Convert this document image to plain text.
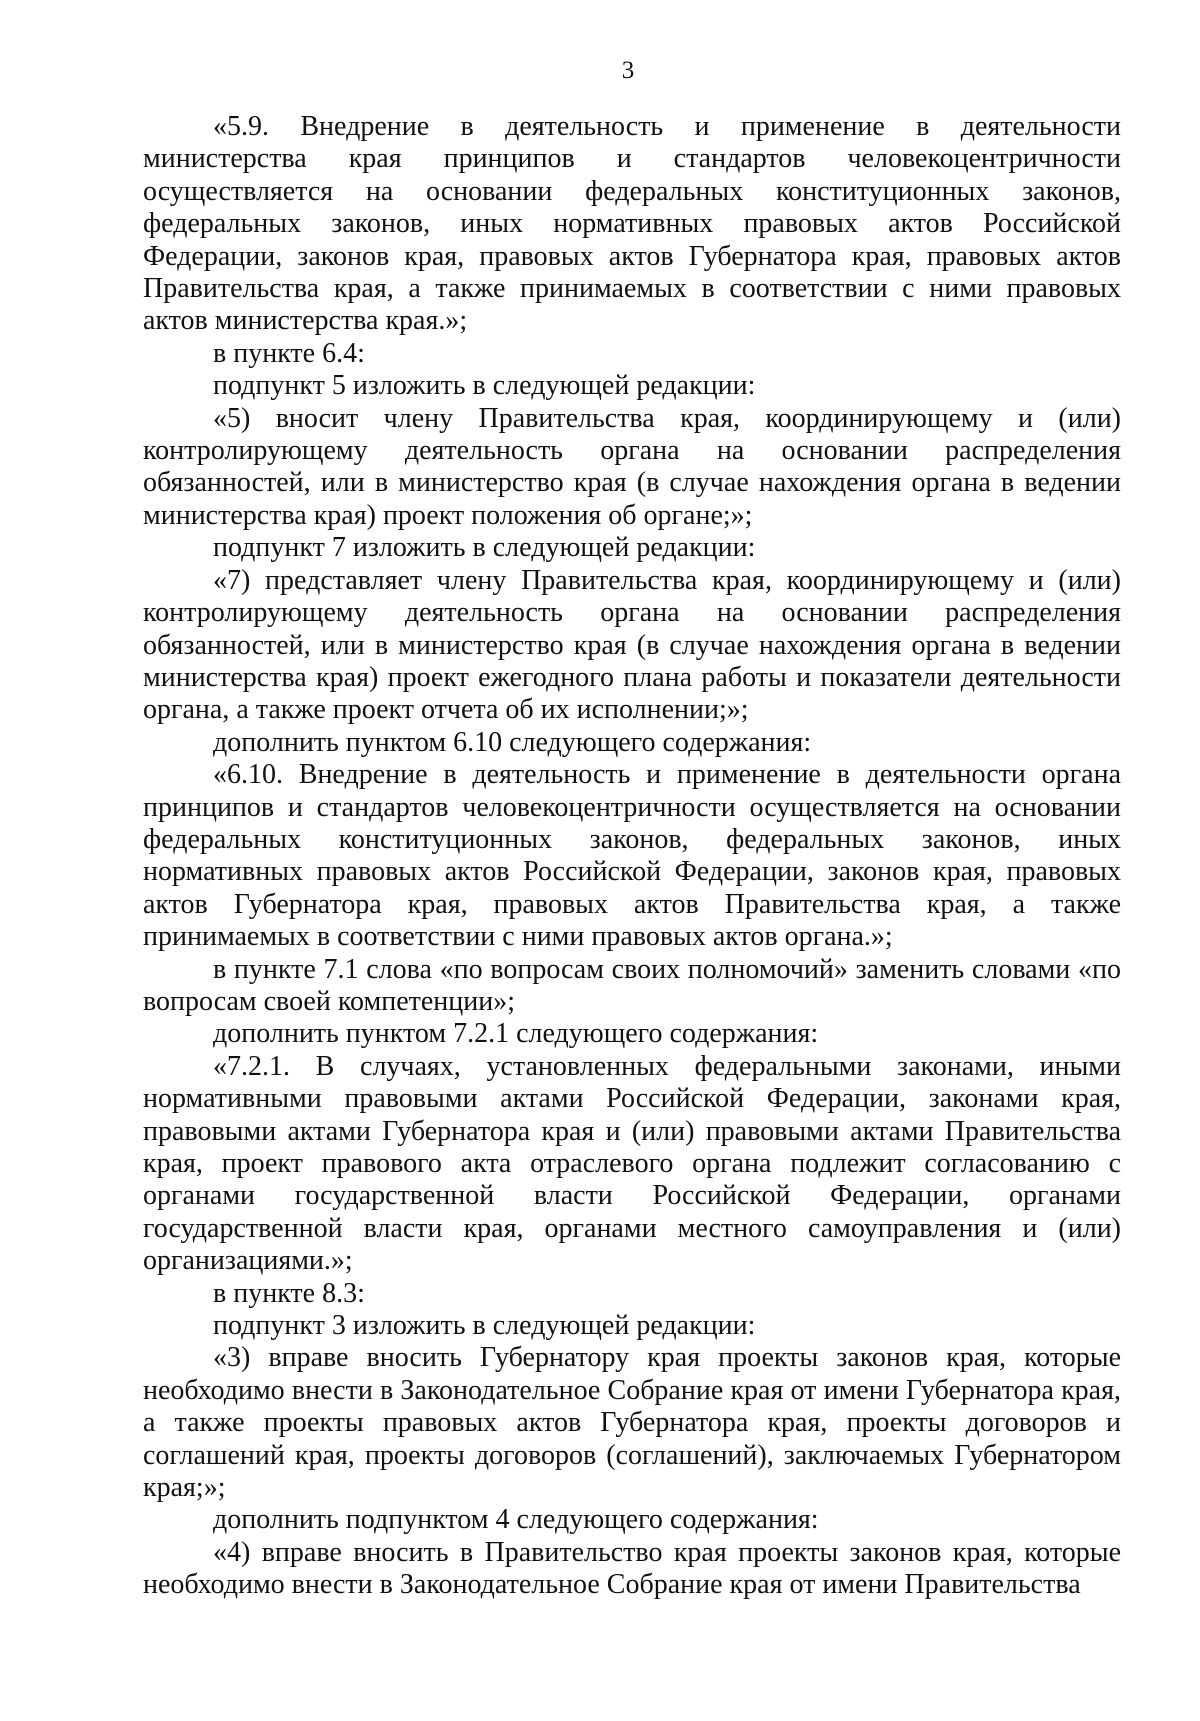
3

«5.9. Внедрение в деятельность и применение в деятельности министерства края принципов и стандартов человекоцентричности осуществляется на основании федеральных конституционных законов, федеральных законов, иных нормативных правовых актов Российской Федерации, законов края, правовых актов Губернатора края, правовых актов Правительства края, а также принимаемых в соответствии с ними правовых актов министерства края.»;

в пункте 6.4:

подпункт 5 изложить в следующей редакции:

«5) вносит члену Правительства края, координирующему и (или) контролирующему деятельность органа на основании распределения обязанностей, или в министерство края (в случае нахождения органа в ведении министерства края) проект положения об органе;»;

подпункт 7 изложить в следующей редакции:

«7) представляет члену Правительства края, координирующему и (или) контролирующему деятельность органа на основании распределения обязанностей, или в министерство края (в случае нахождения органа в ведении министерства края) проект ежегодного плана работы и показатели деятельности органа, а также проект отчета об их исполнении;»;

дополнить пунктом 6.10 следующего содержания:

«6.10. Внедрение в деятельность и применение в деятельности органа принципов и стандартов человекоцентричности осуществляется на основании федеральных конституционных законов, федеральных законов, иных нормативных правовых актов Российской Федерации, законов края, правовых актов Губернатора края, правовых актов Правительства края, а также принимаемых в соответствии с ними правовых актов органа.»;

в пункте 7.1 слова «по вопросам своих полномочий» заменить словами «по вопросам своей компетенции»;

дополнить пунктом 7.2.1 следующего содержания:

«7.2.1. В случаях, установленных федеральными законами, иными нормативными правовыми актами Российской Федерации, законами края, правовыми актами Губернатора края и (или) правовыми актами Правительства края, проект правового акта отраслевого органа подлежит согласованию с органами государственной власти Российской Федерации, органами государственной власти края, органами местного самоуправления и (или) организациями.»;

в пункте 8.3:

подпункт 3 изложить в следующей редакции:

«3) вправе вносить Губернатору края проекты законов края, которые необходимо внести в Законодательное Собрание края от имени Губернатора края, а также проекты правовых актов Губернатора края, проекты договоров и соглашений края, проекты договоров (соглашений), заключаемых Губернатором края;»;

дополнить подпунктом 4 следующего содержания:

«4) вправе вносить в Правительство края проекты законов края, которые необходимо внести в Законодательное Собрание края от имени Правительства
